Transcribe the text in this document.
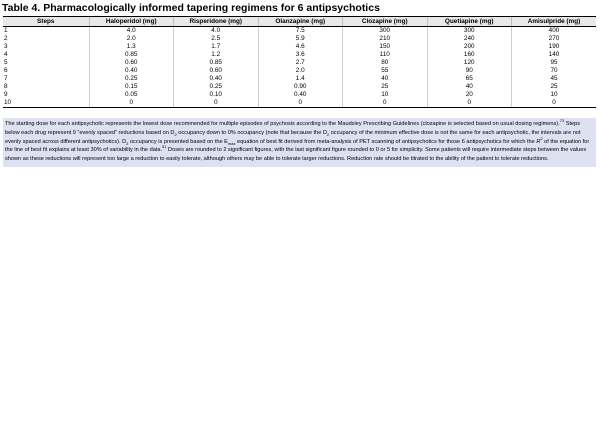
Table 4. Pharmacologically informed tapering regimens for 6 antipsychotics
Steps	Haloperidol (mg)	Risperidone (mg)	Olanzapine (mg)	Clozapine (mg)	Quetiapine (mg)	Amisulpride (mg)
1	4.0	4.0	7.5	300	300	400
2	2.0	2.5	5.9	210	240	270
3	1.3	1.7	4.6	150	200	190
4	0.85	1.2	3.6	110	160	140
5	0.60	0.85	2.7	80	120	95
6	0.40	0.60	2.0	55	90	70
7	0.25	0.40	1.4	40	65	45
8	0.15	0.25	0.90	25	40	25
9	0.05	0.10	0.40	10	20	10
10	0	0	0	0	0	0
The starting dose for each antipsychotic represents the lowest dose recommended for multiple episodes of psychosis according to the Maudsley Prescribing Guidelines (clozapine is selected based on usual dosing regimens).$^{73}$ Steps below each drug represent 9 “evenly spaced” reductions based on $D_2$ occupancy down to 0% occupancy (note that because the $D_2$ occupancy of the minimum effective dose is not the same for each antipsychotic, the intervals are not evenly spaced across different antipsychotics). $D_2$ occupancy is presented based on the $E_{max}$ equation of best fit derived from meta-analysis of PET scanning of antipsychotics for those 6 antipsychotics for which the $R^2$ of the equation for the line of best fit explains at least 30% of variability in the data.$^{51}$ Doses are rounded to 2 significant figures, with the last significant figure rounded to 0 or 5 for simplicity. Some patients will require intermediate steps between the values shown as these reductions will represent too large a reduction to easily tolerate, although others may be able to tolerate larger reductions. Reduction rate should be titrated to the ability of the patient to tolerate reductions.
